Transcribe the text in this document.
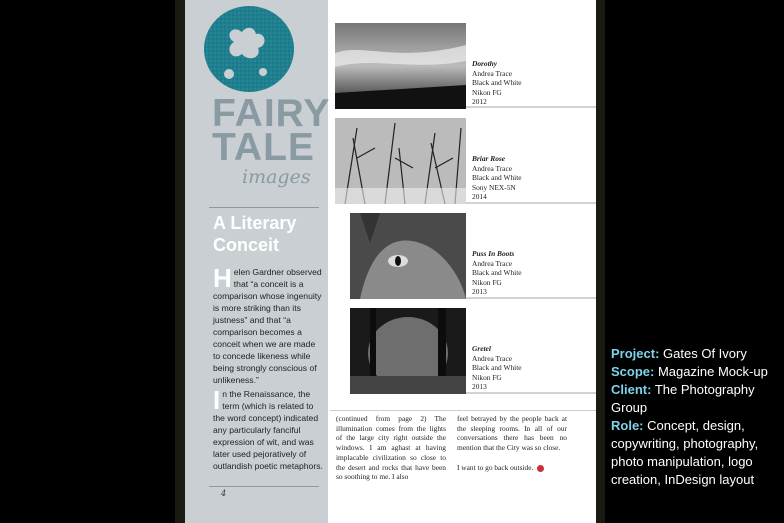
FAIRY
TALE
images
A Literary
Conceit
Helen Gardner observed that “a conceit is a comparison whose ingenuity is more striking than its justness” and that “a comparison becomes a conceit when we are made to concede likeness while being strongly conscious of unlikeness.”
In the Renaissance, the term (which is related to the word concept) indicated any particularly fanciful expression of wit, and was later used pejoratively of outlandish poetic metaphors.
4
Dorothy
Andrea Trace
Black and White
Nikon FG
2012
Briar Rose
Andrea Trace
Black and White
Sony NEX-5N
2014
Puss In Boots
Andrea Trace
Black and White
Nikon FG
2013
Gretel
Andrea Trace
Black and White
Nikon FG
2013
(continued from page 2) The illumination comes from the lights of the large city right outside the windows. I am aghast at having implacable civilization so close to the desert and rocks that have been so soothing to me. I also
feel betrayed by the people back at the sleeping rooms. In all of our conversations there has been no mention that the City was so close.
I want to go back outside.
Project: Gates Of Ivory
Scope: Magazine Mock-up
Client: The Photography Group
Role: Concept, design, copywriting, photography, photo manipulation, logo creation, InDesign layout
